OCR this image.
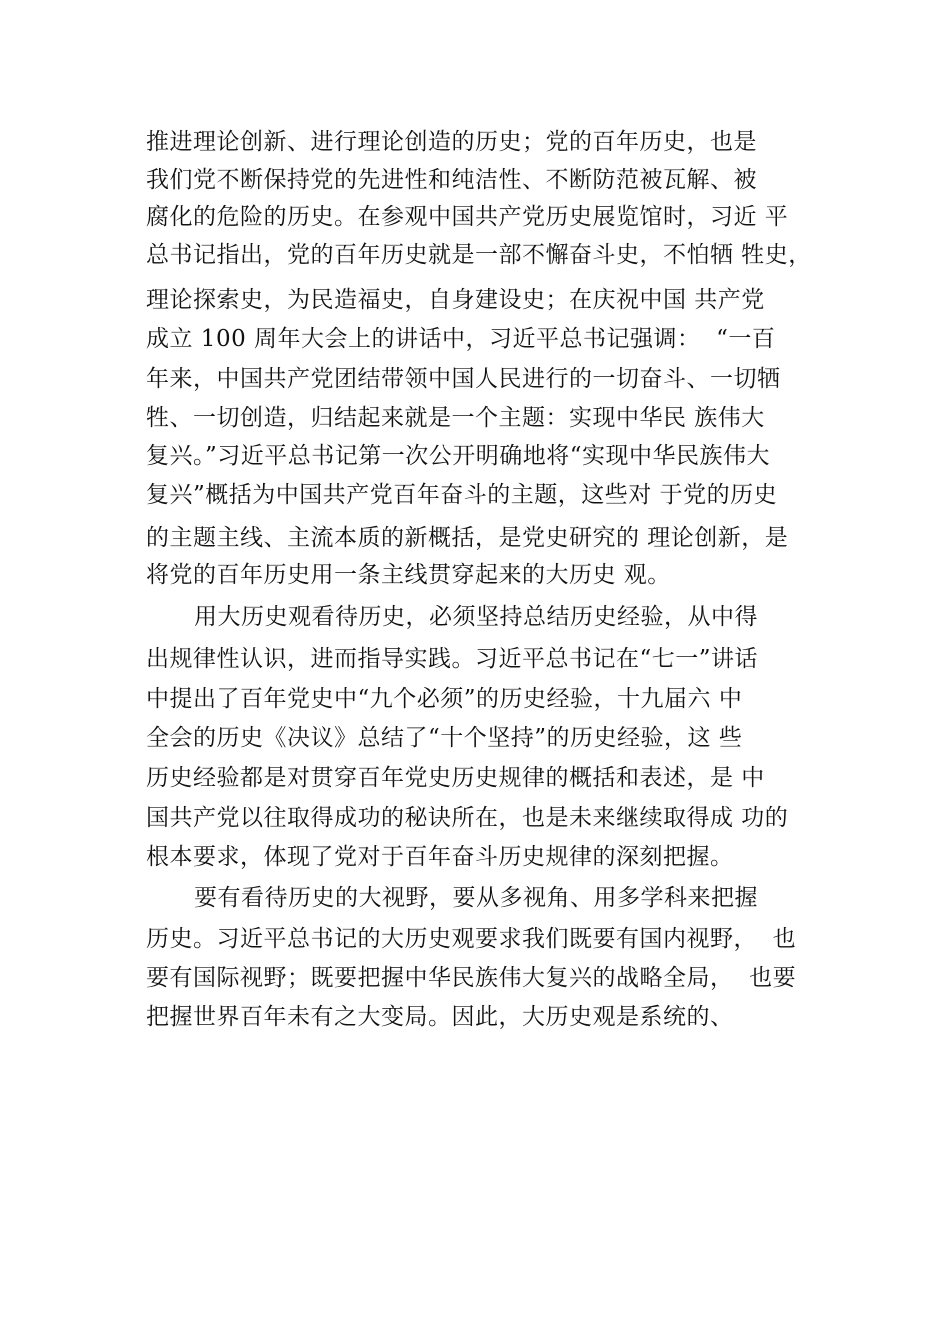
推进理论创新、进行理论创造的历史；党的百年历史，也是
我们党不断保持党的先进性和纯洁性、不断防范被瓦解、被
腐化的危险的历史。在参观中国共产党历史展览馆时，习近 平
总书记指出，党的百年历史就是一部不懈奋斗史，不怕牺 牲史，
理论探索史，为民造福史，自身建设史；在庆祝中国 共产党
成立 100 周年大会上的讲话中，习近平总书记强调：  “一百
年来，中国共产党团结带领中国人民进行的一切奋斗、一切牺
牲、一切创造，归结起来就是一个主题：实现中华民 族伟大
复兴。”习近平总书记第一次公开明确地将“实现中华民族伟大
复兴”概括为中国共产党百年奋斗的主题，这些对 于党的历史
的主题主线、主流本质的新概括，是党史研究的 理论创新，是
将党的百年历史用一条主线贯穿起来的大历史 观。
用大历史观看待历史，必须坚持总结历史经验，从中得
出规律性认识，进而指导实践。习近平总书记在“七一”讲话
中提出了百年党史中“九个必须”的历史经验，十九届六 中
全会的历史《决议》总结了“十个坚持”的历史经验，这 些
历史经验都是对贯穿百年党史历史规律的概括和表述，是 中
国共产党以往取得成功的秘诀所在，也是未来继续取得成 功的
根本要求，体现了党对于百年奋斗历史规律的深刻把握。
要有看待历史的大视野，要从多视角、用多学科来把握
历史。习近平总书记的大历史观要求我们既要有国内视野，  也
要有国际视野；既要把握中华民族伟大复兴的战略全局，  也要
把握世界百年未有之大变局。因此，大历史观是系统的、
